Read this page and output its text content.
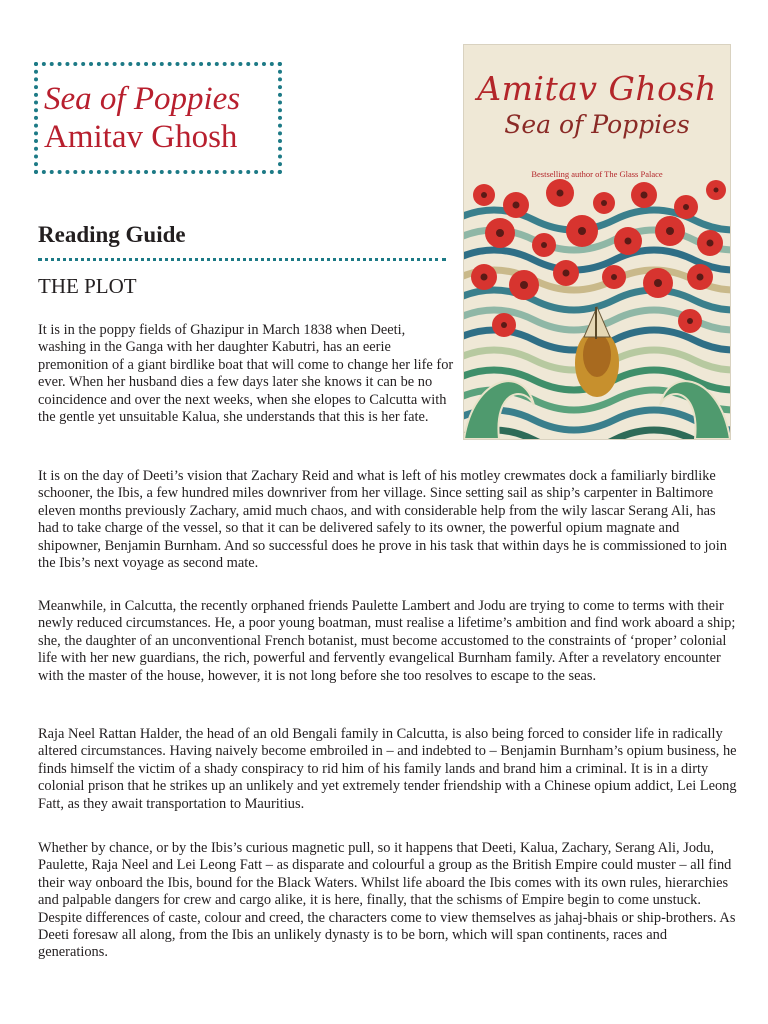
Sea of Poppies
Amitav Ghosh
Amitav Ghosh
Sea of Poppies
Bestselling author of The Glass Palace
Reading Guide
THE PLOT

It is in the poppy fields of Ghazipur in March 1838 when Deeti, washing in the Ganga with her daughter Kabutri, has an eerie premonition of a giant birdlike boat that will come to change her life for ever. When her husband dies a few days later she knows it can be no coincidence and over the next weeks, when she elopes to Calcutta with the gentle yet unsuitable Kalua, she understands that this is her fate.

It is on the day of Deeti’s vision that Zachary Reid and what is left of his motley crewmates dock a familiarly birdlike schooner, the Ibis, a few hundred miles downriver from her village. Since setting sail as ship’s carpenter in Baltimore eleven months previously Zachary, amid much chaos, and with considerable help from the wily lascar Serang Ali, has had to take charge of the vessel, so that it can be delivered safely to its owner, the powerful opium magnate and shipowner, Benjamin Burnham. And so successful does he prove in his task that within days he is commissioned to join the Ibis’s next voyage as second mate.

Meanwhile, in Calcutta, the recently orphaned friends Paulette Lambert and Jodu are trying to come to terms with their newly reduced circumstances. He, a poor young boatman, must realise a lifetime’s ambition and find work aboard a ship; she, the daughter of an unconventional French botanist, must become accustomed to the constraints of ‘proper’ colonial life with her new guardians, the rich, powerful and fervently evangelical Burnham family. After a revelatory encounter with the master of the house, however, it is not long before she too resolves to escape to the seas.

Raja Neel Rattan Halder, the head of an old Bengali family in Calcutta, is also being forced to consider life in radically altered circumstances. Having naively become embroiled in – and indebted to – Benjamin Burnham’s opium business, he finds himself the victim of a shady conspiracy to rid him of his family lands and brand him a criminal. It is in a dirty colonial prison that he strikes up an unlikely and yet extremely tender friendship with a Chinese opium addict, Lei Leong Fatt, as they await transportation to Mauritius.

Whether by chance, or by the Ibis’s curious magnetic pull, so it happens that Deeti, Kalua, Zachary, Serang Ali, Jodu, Paulette, Raja Neel and Lei Leong Fatt – as disparate and colourful a group as the British Empire could muster – all find their way onboard the Ibis, bound for the Black Waters. Whilst life aboard the Ibis comes with its own rules, hierarchies and palpable dangers for crew and cargo alike, it is here, finally, that the schisms of Empire begin to come unstuck. Despite differences of caste, colour and creed, the characters come to view themselves as jahaj-bhais or ship-brothers. As Deeti foresaw all along, from the Ibis an unlikely dynasty is to be born, which will span continents, races and generations.
